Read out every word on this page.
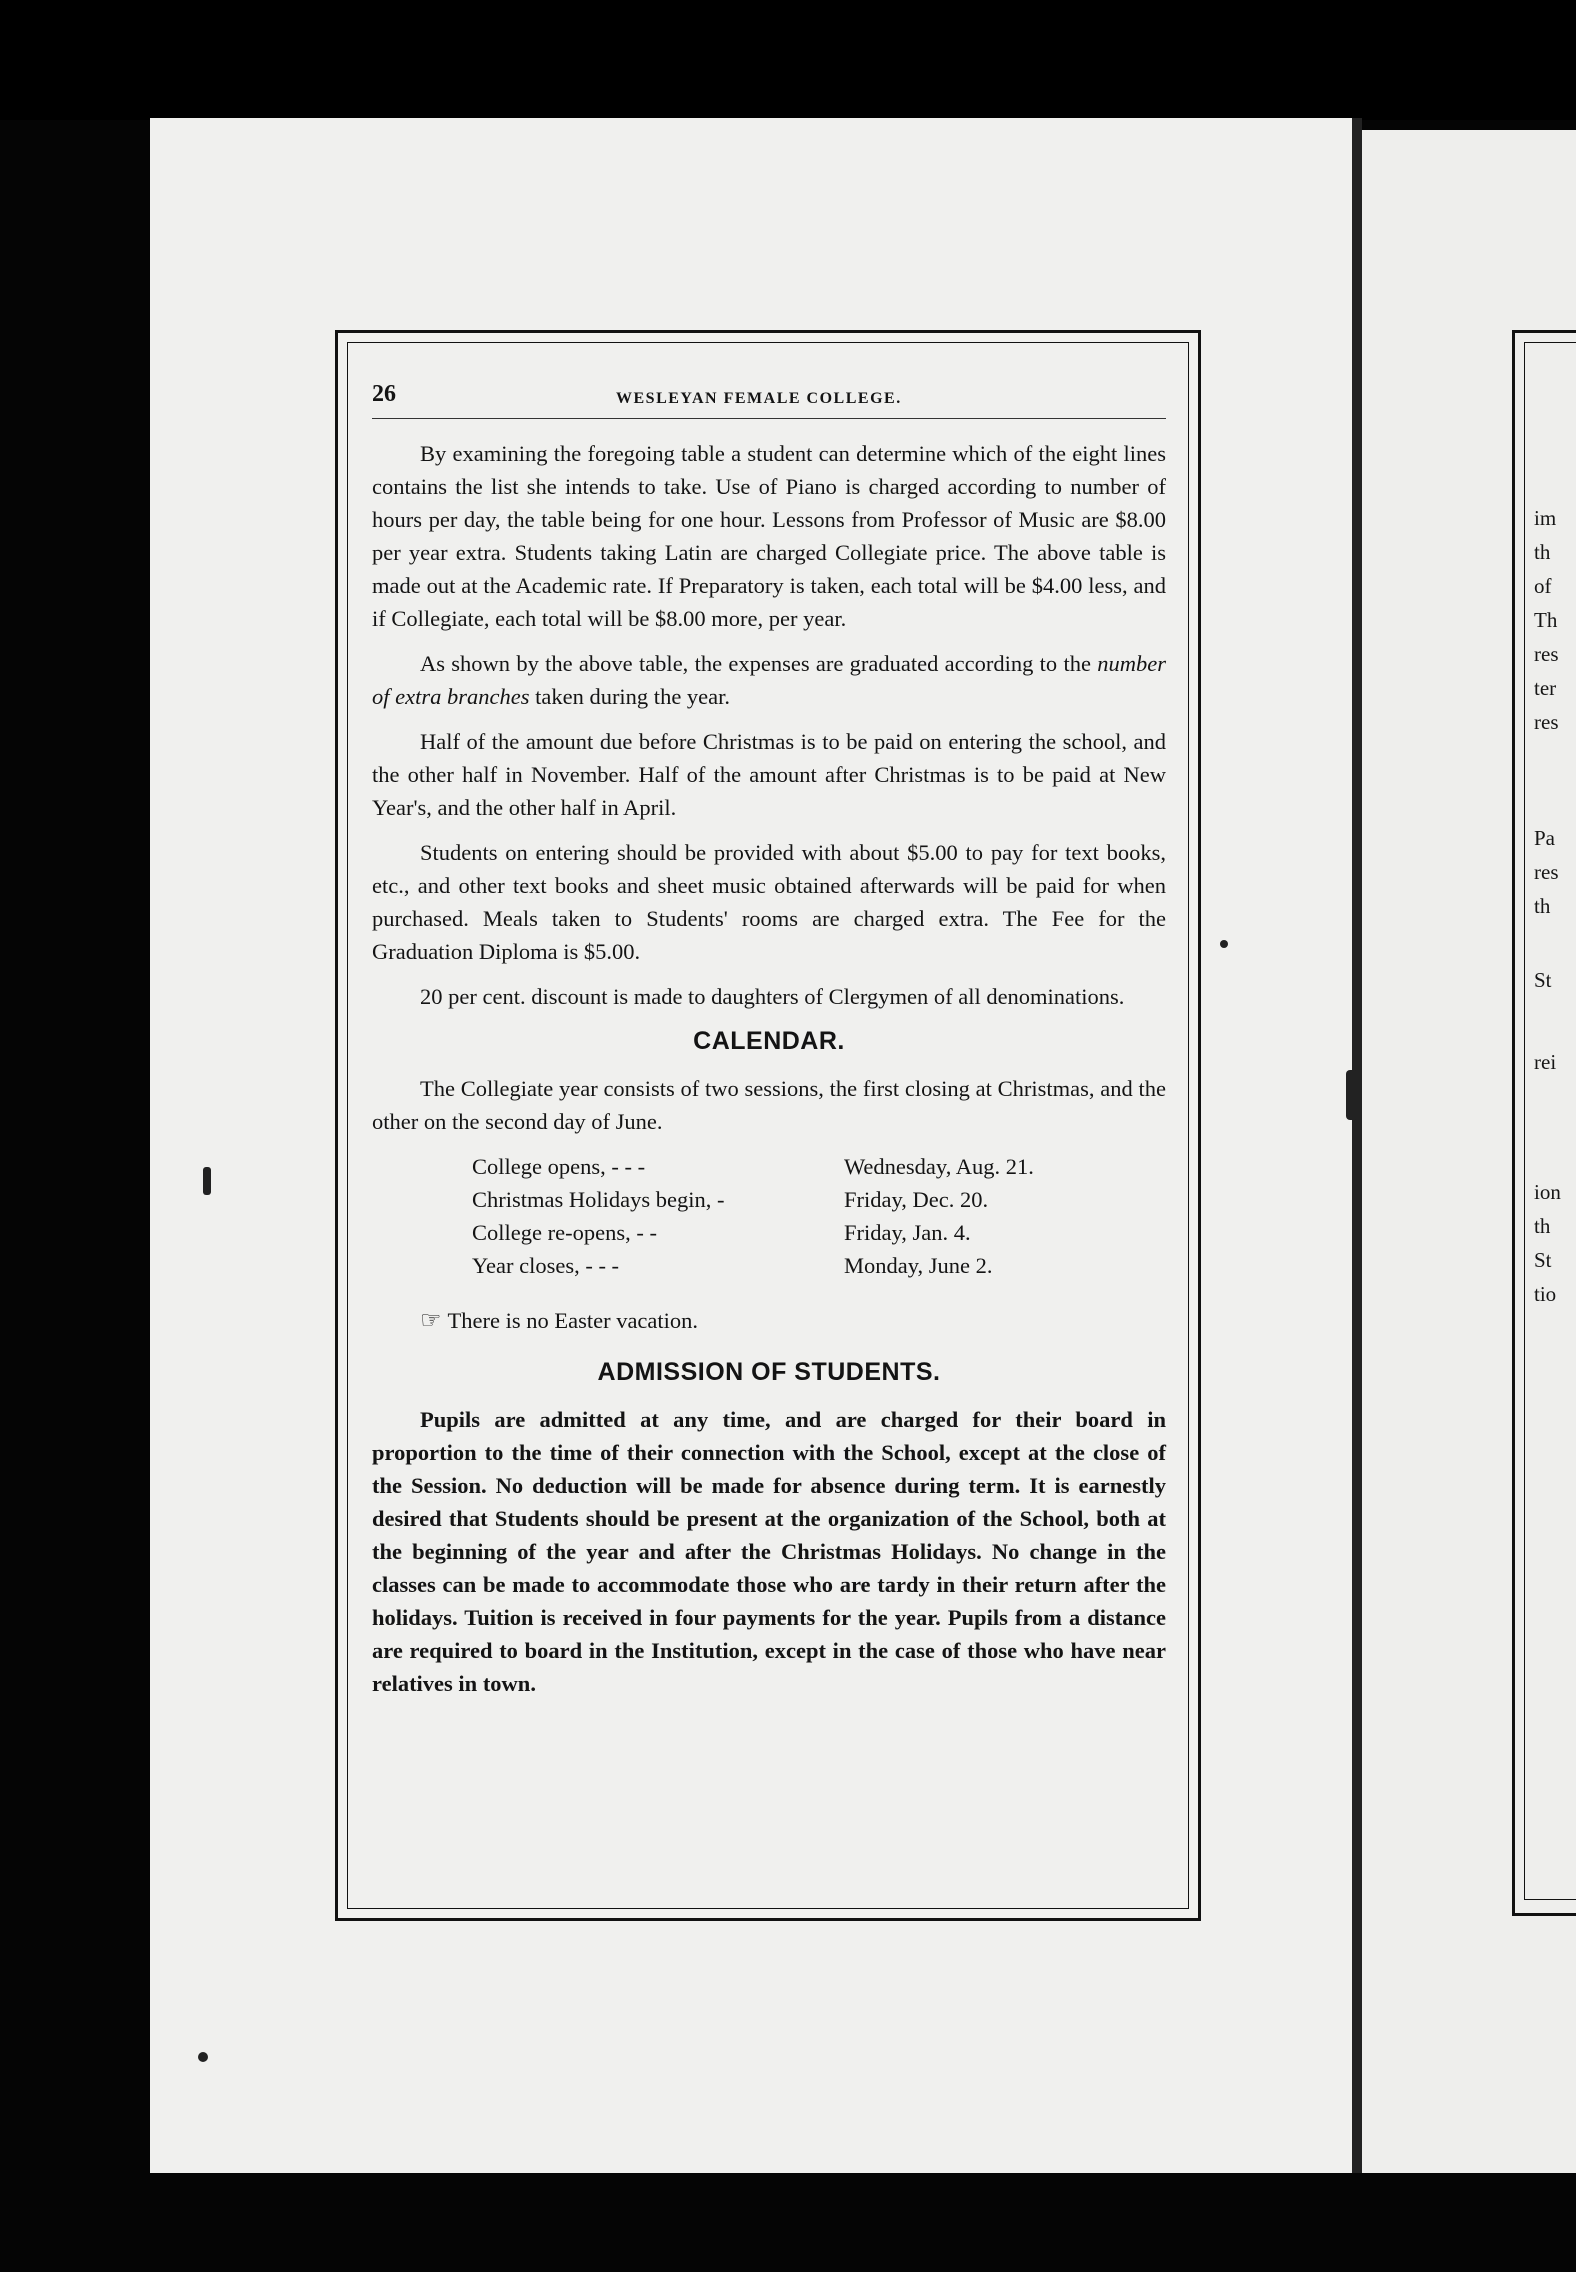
im
th
of
Th
res
ter
res
Pa
res
th
St
rei
ion
th
St
tio
26	WESLEYAN FEMALE COLLEGE.

By examining the foregoing table a student can determine which of the eight lines contains the list she intends to take. Use of Piano is charged according to number of hours per day, the table being for one hour. Lessons from Professor of Music are $8.00 per year extra. Students taking Latin are charged Collegiate price. The above table is made out at the Academic rate. If Preparatory is taken, each total will be $4.00 less, and if Collegiate, each total will be $8.00 more, per year.

As shown by the above table, the expenses are graduated according to the number of extra branches taken during the year.

Half of the amount due before Christmas is to be paid on entering the school, and the other half in November. Half of the amount after Christmas is to be paid at New Year's, and the other half in April.

Students on entering should be provided with about $5.00 to pay for text books, etc., and other text books and sheet music obtained afterwards will be paid for when purchased. Meals taken to Students' rooms are charged extra. The Fee for the Graduation Diploma is $5.00.

20 per cent. discount is made to daughters of Clergymen of all denominations.

CALENDAR.

The Collegiate year consists of two sessions, the first closing at Christmas, and the other on the second day of June.

College opens, - - -	Wednesday, Aug. 21.
Christmas Holidays begin, -	Friday, Dec. 20.
College re-opens, - -	Friday, Jan. 4.
Year closes, - - -	Monday, June 2.
☞ There is no Easter vacation.
ADMISSION OF STUDENTS.

Pupils are admitted at any time, and are charged for their board in proportion to the time of their connection with the School, except at the close of the Session. No deduction will be made for absence during term. It is earnestly desired that Students should be present at the organization of the School, both at the beginning of the year and after the Christmas Holidays. No change in the classes can be made to accommodate those who are tardy in their return after the holidays. Tuition is received in four payments for the year. Pupils from a distance are required to board in the Institution, except in the case of those who have near relatives in town.
